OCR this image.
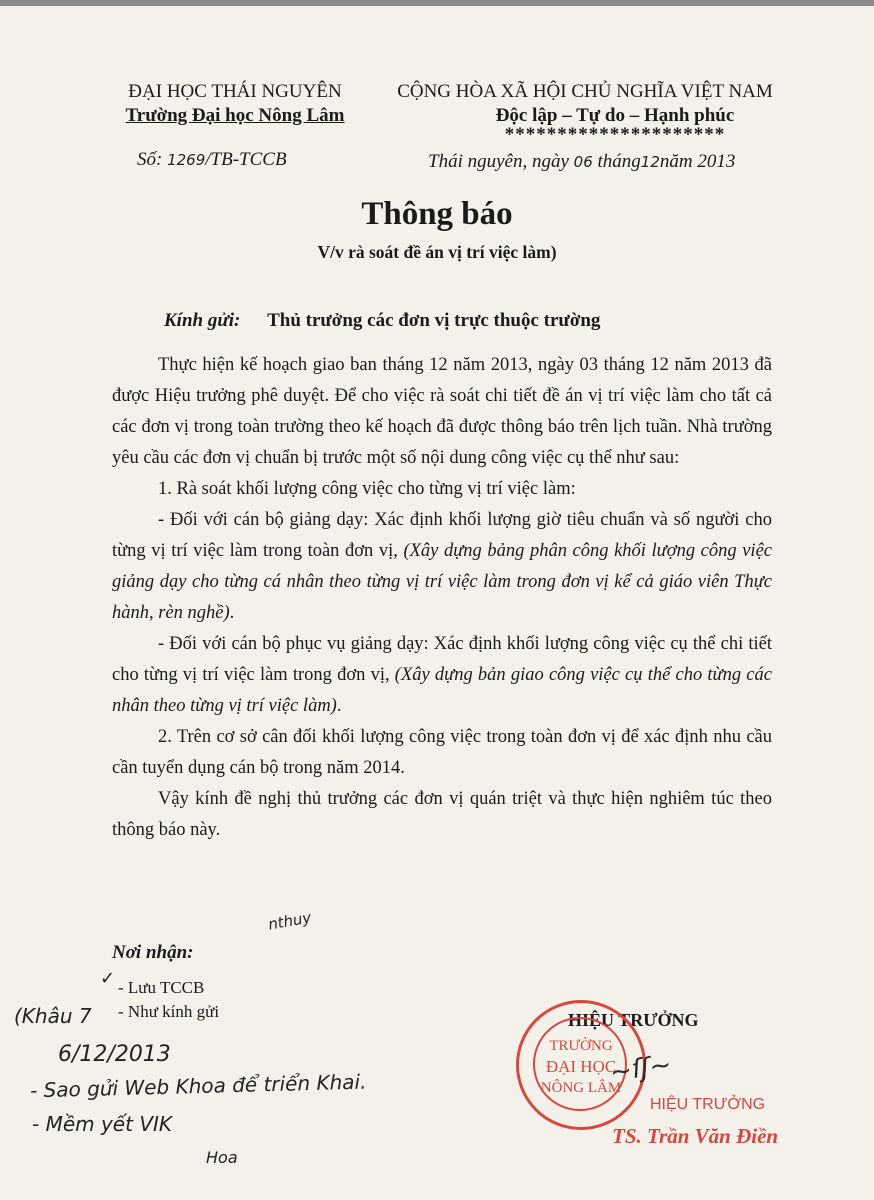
ĐẠI HỌC THÁI NGUYÊN
Trường Đại học Nông Lâm
CỘNG HÒA XÃ HỘI CHỦ NGHĨA VIỆT NAM
Độc lập – Tự do – Hạnh phúc
*********************
Số: 1269/TB-TCCB	Thái nguyên, ngày 06 tháng12năm 2013
Thông báo
V/v rà soát đề án vị trí việc làm)
Kính gửi: Thủ trưởng các đơn vị trực thuộc trường

Thực hiện kế hoạch giao ban tháng 12 năm 2013, ngày 03 tháng 12 năm 2013 đã được Hiệu trưởng phê duyệt. Để cho việc rà soát chi tiết đề án vị trí việc làm cho tất cả các đơn vị trong toàn trường theo kế hoạch đã được thông báo trên lịch tuần. Nhà trường yêu cầu các đơn vị chuẩn bị trước một số nội dung công việc cụ thể như sau:

1. Rà soát khối lượng công việc cho từng vị trí việc làm:

- Đối với cán bộ giảng dạy: Xác định khối lượng giờ tiêu chuẩn và số người cho từng vị trí việc làm trong toàn đơn vị, (Xây dựng bảng phân công khối lượng công việc giảng dạy cho từng cá nhân theo từng vị trí việc làm trong đơn vị kể cả giáo viên Thực hành, rèn nghề).

- Đối với cán bộ phục vụ giảng dạy: Xác định khối lượng công việc cụ thể chi tiết cho từng vị trí việc làm trong đơn vị, (Xây dựng bản giao công việc cụ thể cho từng các nhân theo từng vị trí việc làm).

2. Trên cơ sở cân đối khối lượng công việc trong toàn đơn vị để xác định nhu cầu cần tuyển dụng cán bộ trong năm 2014.

Vậy kính đề nghị thủ trưởng các đơn vị quán triệt và thực hiện nghiêm túc theo thông báo này.

nthuy
Nơi nhận:
- Lưu TCCB
- Như kính gửi
✓
(Khâu 7
6/12/2013
- Sao gửi Web Khoa để triển Khai.
- Mềm yết VIK
Hoa
HIỆU TRƯỞNG
TRƯỜNG
ĐẠI HỌC
NÔNG LÂM
~ſʃ~
HIỆU TRƯỞNG
TS. Trần Văn Điền
